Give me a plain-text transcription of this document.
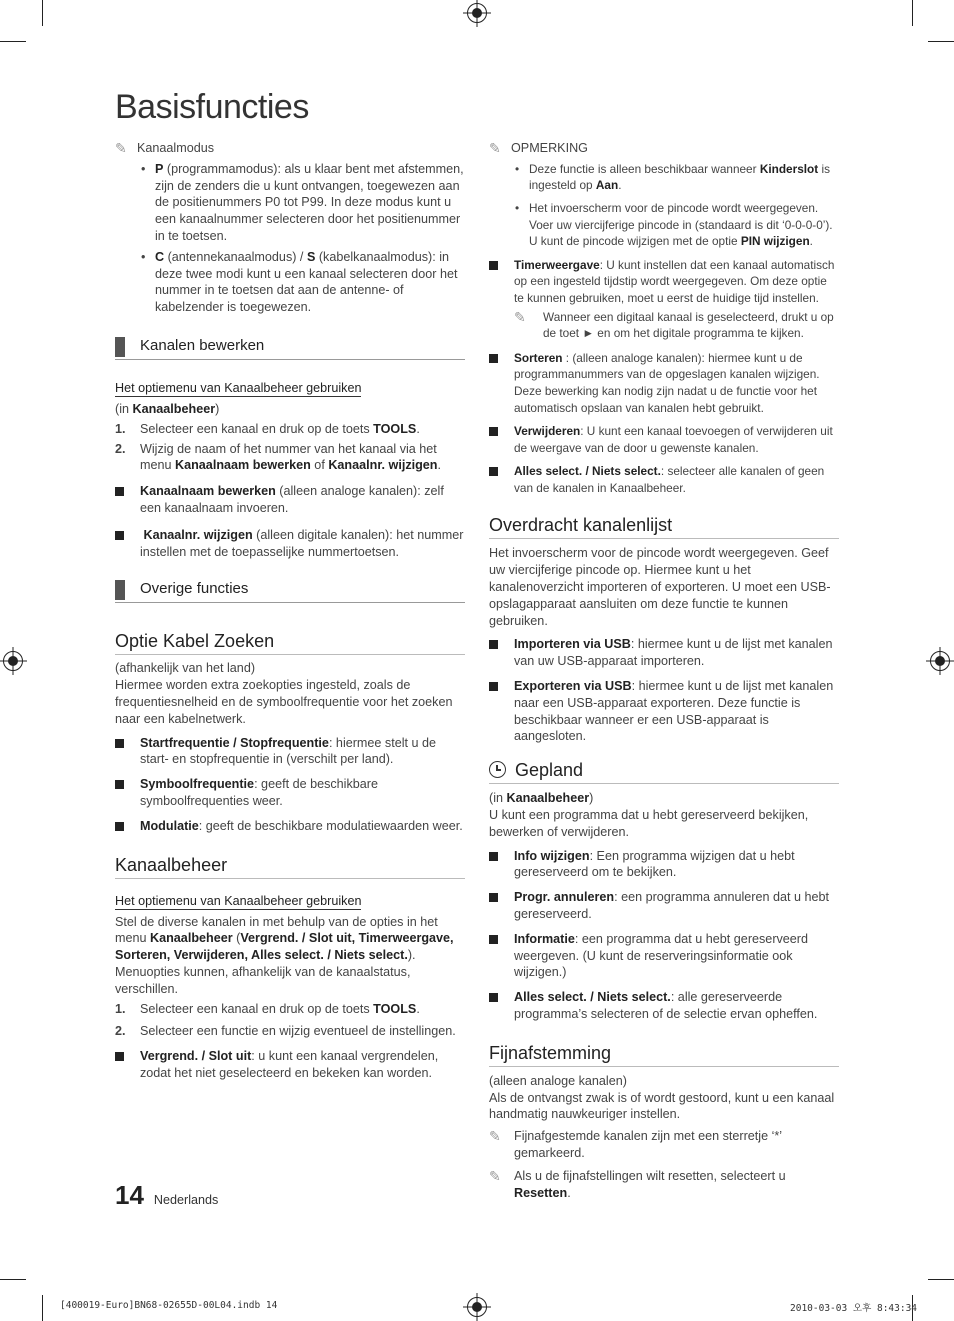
Basisfuncties
✎ Kanaalmodus
• P (programmamodus): als u klaar bent met afstemmen, zijn de zenders die u kunt ontvangen, toegewezen aan de positienummers P0 tot P99. In deze modus kunt u een kanaalnummer selecteren door het positienummer in te toetsen.
• C (antennekanaalmodus) / S (kabelkanaalmodus): in deze twee modi kunt u een kanaal selecteren door het nummer in te toetsen dat aan de antenne- of kabelzender is toegewezen.
Kanalen bewerken
Het optiemenu van Kanaalbeheer gebruiken

(in Kanaalbeheer)

1. Selecteer een kanaal en druk op de toets TOOLS.
2. Wijzig de naam of het nummer van het kanaal via het menu Kanaalnaam bewerken of Kanaalnr. wijzigen.
Kanaalnaam bewerken (alleen analoge kanalen): zelf een kanaalnaam invoeren.
Kanaalnr. wijzigen (alleen digitale kanalen): het nummer instellen met de toepasselijke nummertoetsen.
Overige functies
Optie Kabel Zoeken

(afhankelijk van het land)

Hiermee worden extra zoekopties ingesteld, zoals de frequentiesnelheid en de symboolfrequentie voor het zoeken naar een kabelnetwerk.

Startfrequentie / Stopfrequentie: hiermee stelt u de start- en stopfrequentie in (verschilt per land).
Symboolfrequentie: geeft de beschikbare symboolfrequenties weer.
Modulatie: geeft de beschikbare modulatiewaarden weer.
Kanaalbeheer
Het optiemenu van Kanaalbeheer gebruiken

Stel de diverse kanalen in met behulp van de opties in het menu Kanaalbeheer (Vergrend. / Slot uit, Timerweergave, Sorteren, Verwijderen, Alles select. / Niets select.). Menuopties kunnen, afhankelijk van de kanaalstatus, verschillen.

1. Selecteer een kanaal en druk op de toets TOOLS.
2. Selecteer een functie en wijzig eventueel de instellingen.
Vergrend. / Slot uit: u kunt een kanaal vergrendelen, zodat het niet geselecteerd en bekeken kan worden.
✎ OPMERKING
• Deze functie is alleen beschikbaar wanneer Kinderslot is ingesteld op Aan.
• Het invoerscherm voor de pincode wordt weergegeven. Voer uw viercijferige pincode in (standaard is dit ‘0-0-0-0’). U kunt de pincode wijzigen met de optie PIN wijzigen.
Timerweergave: U kunt instellen dat een kanaal automatisch op een ingesteld tijdstip wordt weergegeven. Om deze optie te kunnen gebruiken, moet u eerst de huidige tijd instellen.
✎	Wanneer een digitaal kanaal is geselecteerd, drukt u op de toet ► en om het digitale programma te kijken.
Sorteren : (alleen analoge kanalen): hiermee kunt u de programmanummers van de opgeslagen kanalen wijzigen. Deze bewerking kan nodig zijn nadat u de functie voor het automatisch opslaan van kanalen hebt gebruikt.
Verwijderen: U kunt een kanaal toevoegen of verwijderen uit de weergave van de door u gewenste kanalen.
Alles select. / Niets select.: selecteer alle kanalen of geen van de kanalen in Kanaalbeheer.
Overdracht kanalenlijst

Het invoerscherm voor de pincode wordt weergegeven. Geef uw viercijferige pincode op. Hiermee kunt u het kanalenoverzicht importeren of exporteren. U moet een USB-opslagapparaat aansluiten om deze functie te kunnen gebruiken.

Importeren via USB: hiermee kunt u de lijst met kanalen van uw USB-apparaat importeren.
Exporteren via USB: hiermee kunt u de lijst met kanalen naar een USB-apparaat exporteren. Deze functie is beschikbaar wanneer er een USB-apparaat is aangesloten.
Gepland

(in Kanaalbeheer)

U kunt een programma dat u hebt gereserveerd bekijken, bewerken of verwijderen.

Info wijzigen: Een programma wijzigen dat u hebt gereserveerd om te bekijken.
Progr. annuleren: een programma annuleren dat u hebt gereserveerd.
Informatie: een programma dat u hebt gereserveerd weergeven. (U kunt de reserveringsinformatie ook wijzigen.)
Alles select. / Niets select.: alle gereserveerde programma’s selecteren of de selectie ervan opheffen.
Fijnafstemming

(alleen analoge kanalen)

Als de ontvangst zwak is of wordt gestoord, kunt u een kanaal handmatig nauwkeuriger instellen.

✎	Fijnafgestemde kanalen zijn met een sterretje ‘*’ gemarkeerd.
✎	Als u de fijnafstellingen wilt resetten, selecteert u Resetten.
14 Nederlands
[400019-Euro]BN68-02655D-00L04.indb 14	2010-03-03 오후 8:43:34
